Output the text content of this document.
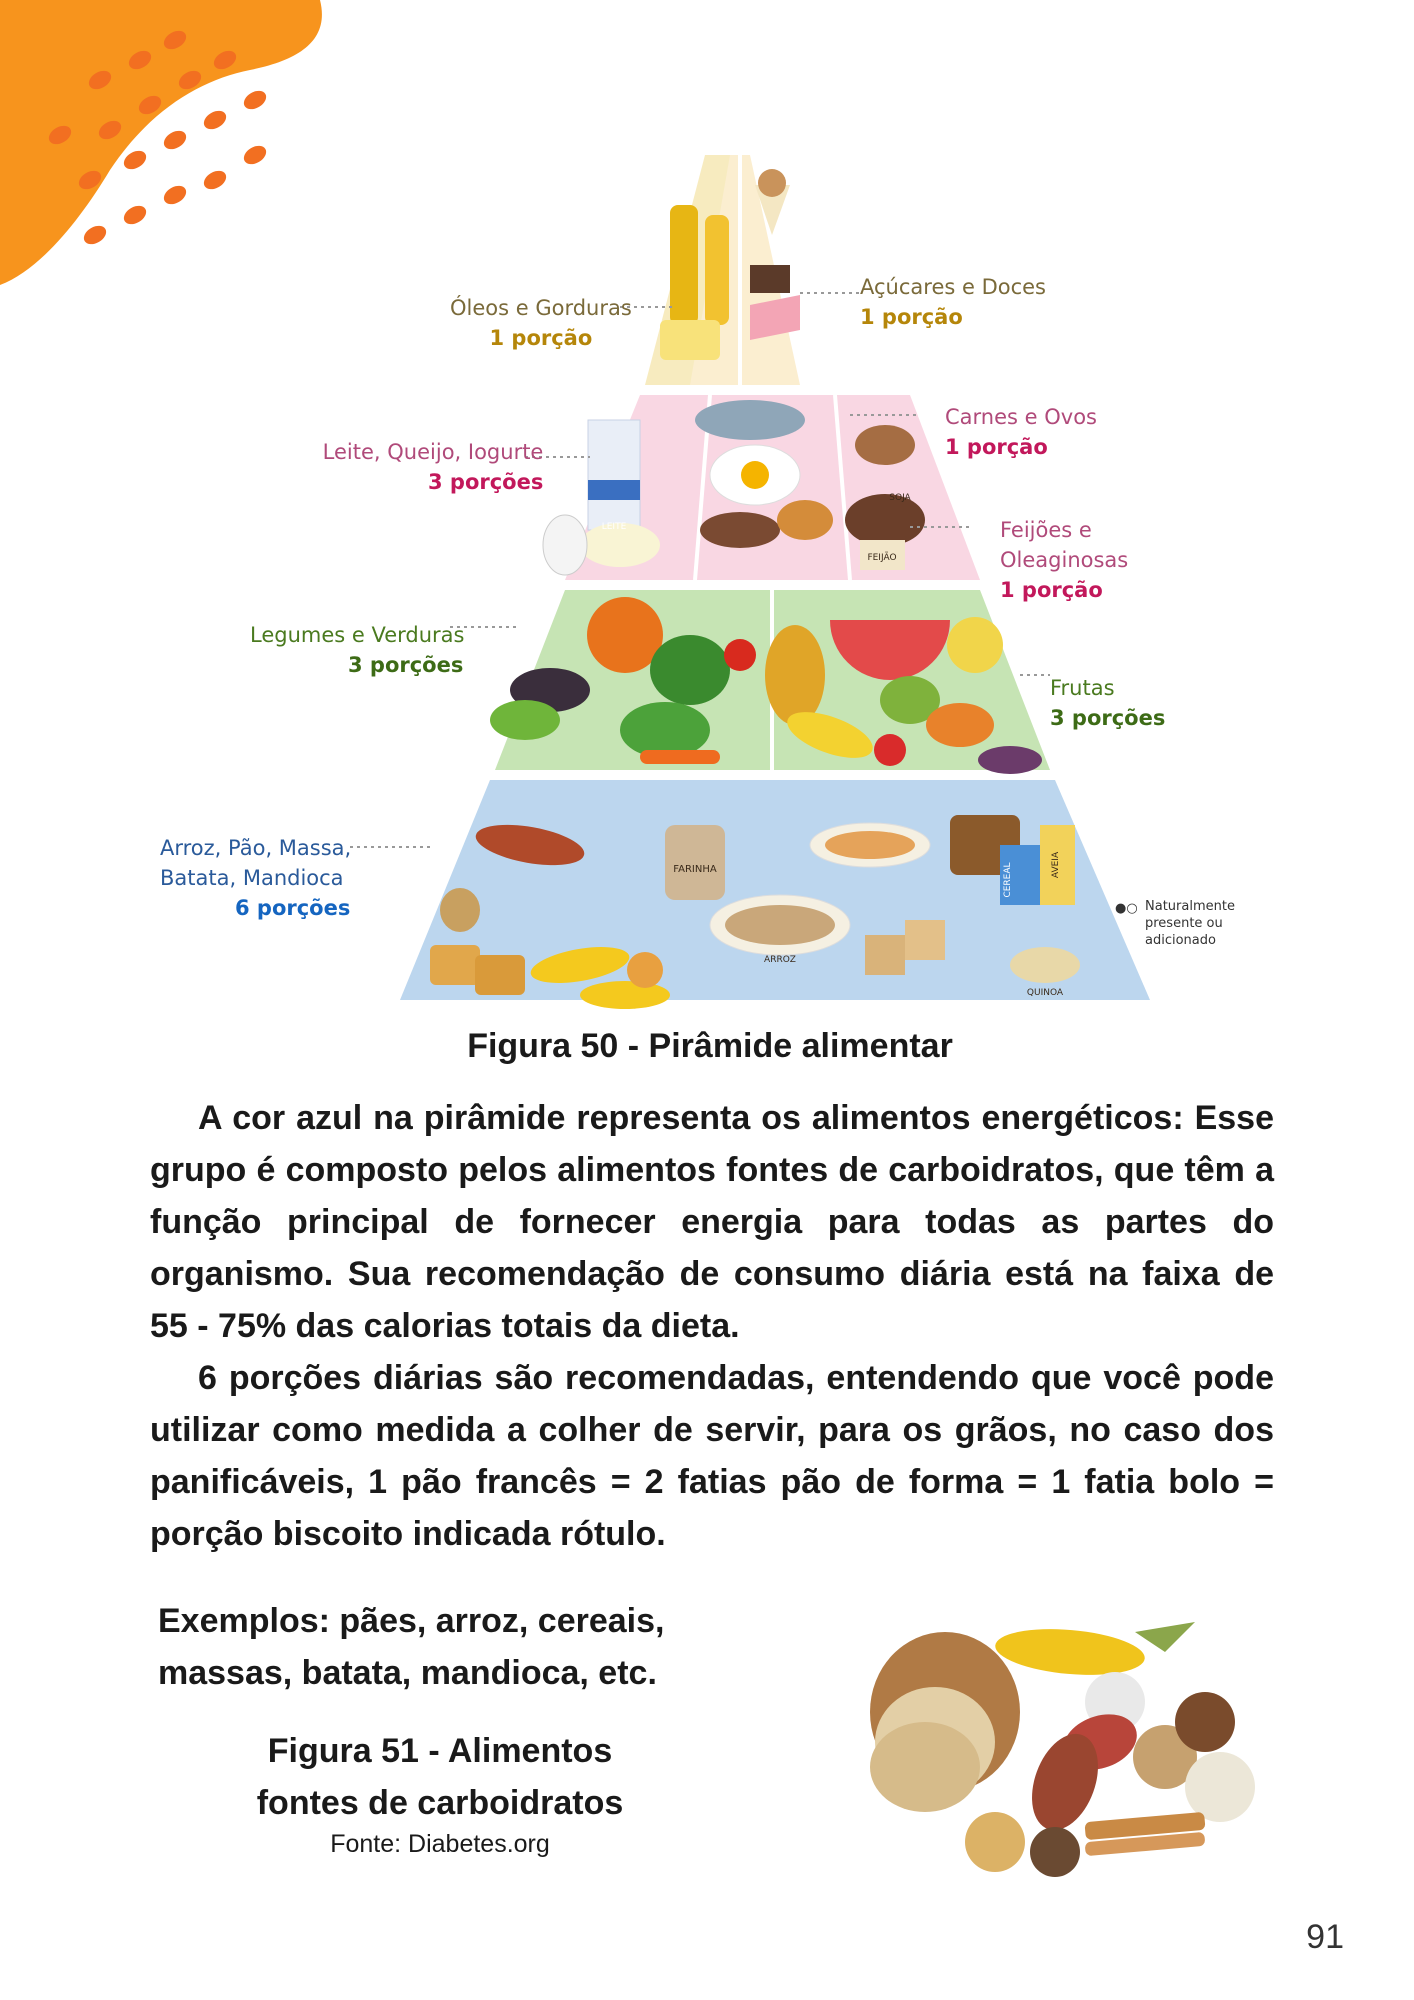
FARINHA
ARROZ
CEREAL	AVEIA
QUINOA
LEITE
SOJA
FEIJÃO
Óleos e Gorduras
1 porção
Açúcares e Doces
1 porção
Leite, Queijo, Iogurte
3 porções
Carnes e Ovos
1 porção
Feijões e
Oleaginosas
1 porção
Legumes e Verduras
3 porções
Frutas
3 porções
Arroz, Pão, Massa,
Batata, Mandioca
6 porções	●○ Naturalmente
presente ou
adicionado
Figura 50 - Pirâmide alimentar

A cor azul na pirâmide representa os alimentos energéticos: Esse grupo é composto pelos alimentos fontes de carboidratos, que têm a função principal de fornecer energia para todas as partes do organismo. Sua recomendação de consumo diária está na faixa de 55 - 75% das calorias totais da dieta.

6 porções diárias são recomendadas, entendendo que você pode utilizar como medida a colher de servir, para os grãos, no caso dos panificáveis, 1 pão francês = 2 fatias pão de forma = 1 fatia bolo = porção biscoito indicada rótulo.

Exemplos: pães, arroz, cereais, massas, batata, mandioca, etc.
Figura 51 - Alimentos fontes de carboidratos
Fonte: Diabetes.org
91
